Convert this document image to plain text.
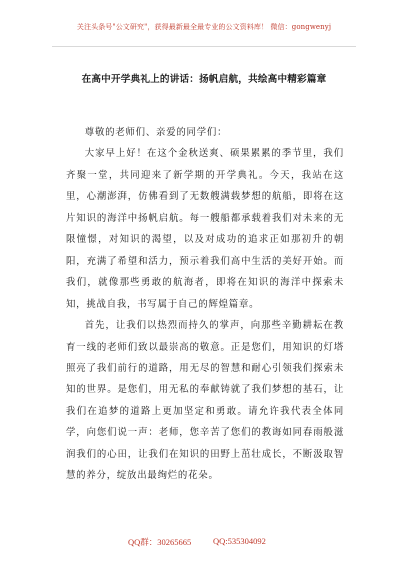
关注头条号"公文研究"，获得最新最全最专业的公文资料库！ 微信：gongwenyj
在高中开学典礼上的讲话：扬帆启航，共绘高中精彩篇章

尊敬的老师们、亲爱的同学们：

大家早上好！在这个金秋送爽、硕果累累的季节里，我们齐聚一堂，共同迎来了新学期的开学典礼。今天，我站在这里，心潮澎湃，仿佛看到了无数艘满载梦想的航船，即将在这片知识的海洋中扬帆启航。每一艘船都承载着我们对未来的无限憧憬，对知识的渴望，以及对成功的追求正如那初升的朝阳，充满了希望和活力，预示着我们高中生活的美好开始。而我们，就像那些勇敢的航海者，即将在知识的海洋中探索未知，挑战自我，书写属于自己的辉煌篇章。

首先，让我们以热烈而持久的掌声，向那些辛勤耕耘在教育一线的老师们致以最崇高的敬意。正是您们，用知识的灯塔照亮了我们前行的道路，用无尽的智慧和耐心引领我们探索未知的世界。是您们，用无私的奉献铸就了我们梦想的基石，让我们在追梦的道路上更加坚定和勇敢。请允许我代表全体同学，向您们说一声：老师，您辛苦了您们的教诲如同春雨般滋润我们的心田，让我们在知识的田野上茁壮成长，不断汲取智慧的养分，绽放出最绚烂的花朵。

QQ群：30265665	QQ:535304092
